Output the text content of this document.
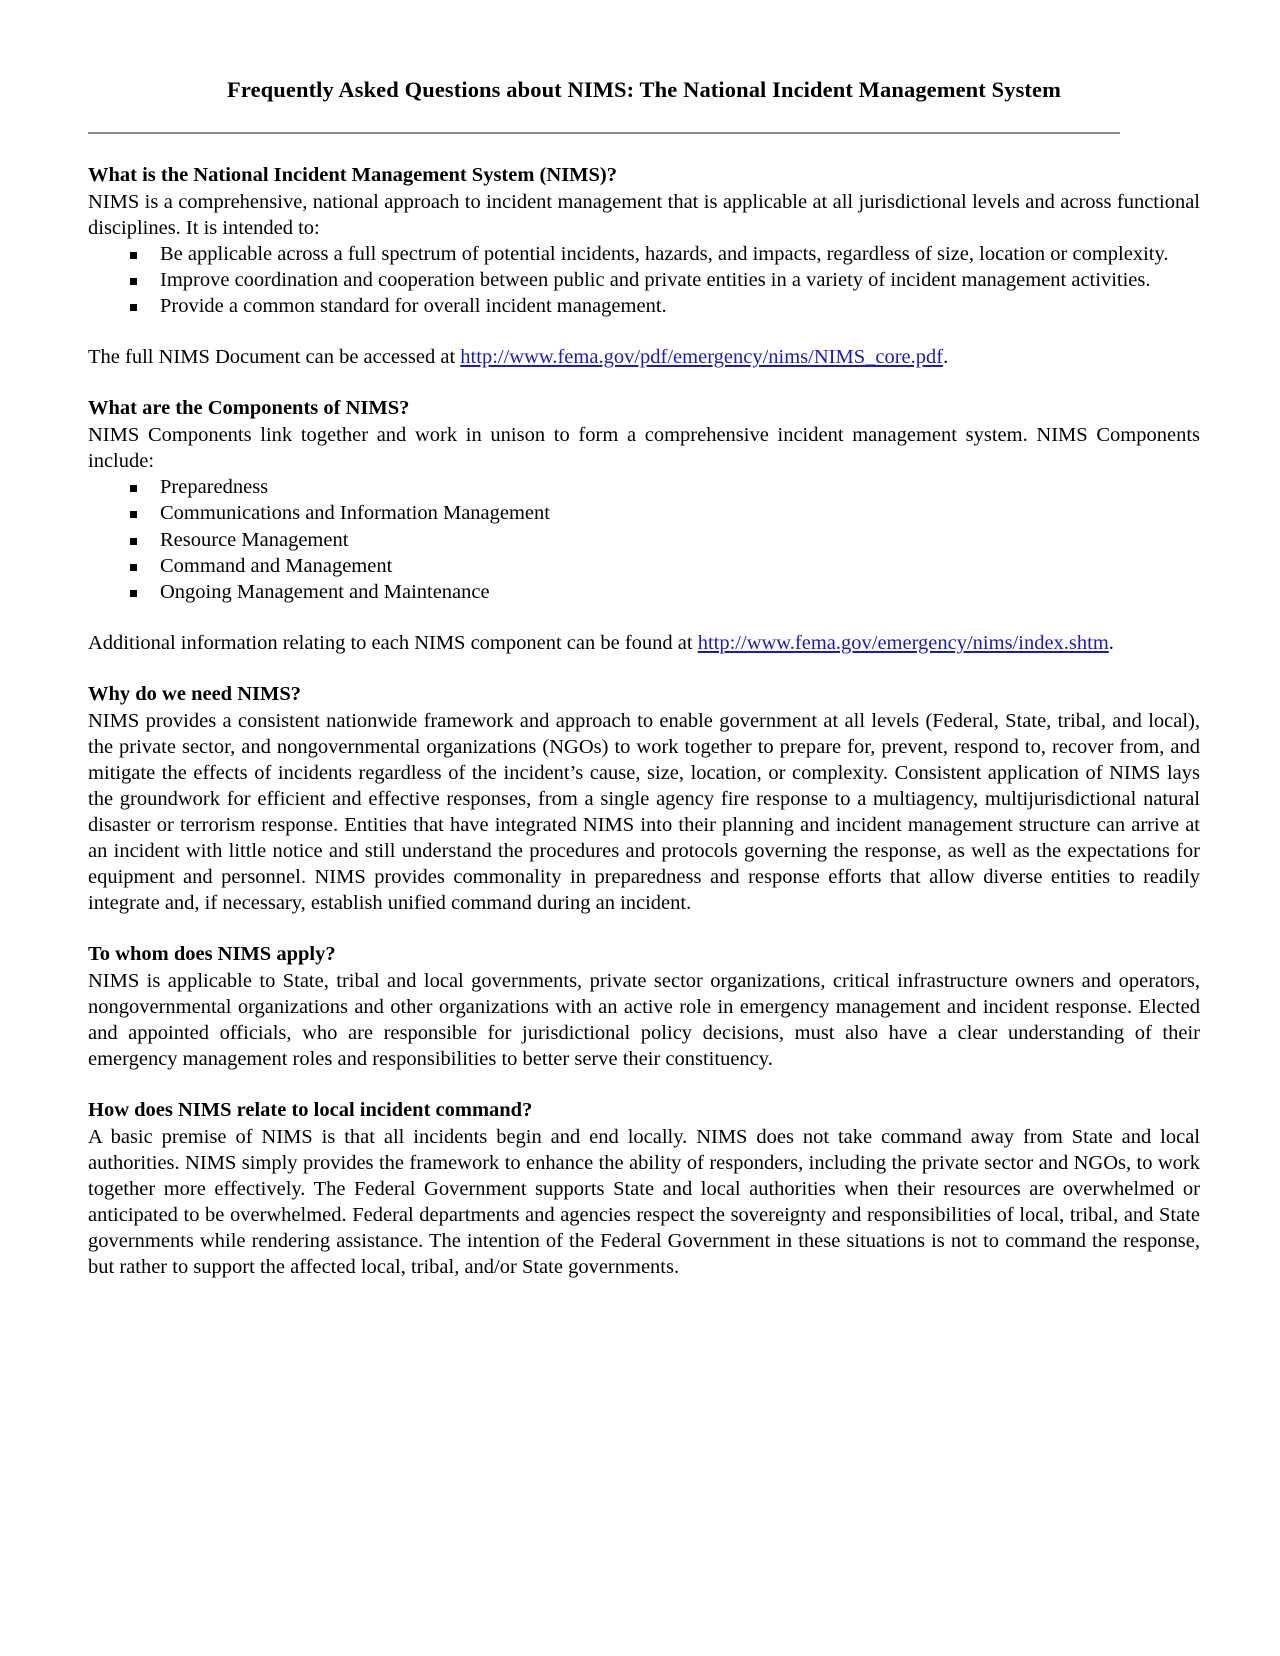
Frequently Asked Questions about NIMS: The National Incident Management System
What is the National Incident Management System (NIMS)?

NIMS is a comprehensive, national approach to incident management that is applicable at all jurisdictional levels and across functional disciplines. It is intended to:

Be applicable across a full spectrum of potential incidents, hazards, and impacts, regardless of size, location or complexity.
Improve coordination and cooperation between public and private entities in a variety of incident management activities.
Provide a common standard for overall incident management.

The full NIMS Document can be accessed at http://www.fema.gov/pdf/emergency/nims/NIMS_core.pdf.

What are the Components of NIMS?

NIMS Components link together and work in unison to form a comprehensive incident management system. NIMS Components include:

Preparedness
Communications and Information Management
Resource Management
Command and Management
Ongoing Management and Maintenance

Additional information relating to each NIMS component can be found at http://www.fema.gov/emergency/nims/index.shtm.

Why do we need NIMS?

NIMS provides a consistent nationwide framework and approach to enable government at all levels (Federal, State, tribal, and local), the private sector, and nongovernmental organizations (NGOs) to work together to prepare for, prevent, respond to, recover from, and mitigate the effects of incidents regardless of the incident’s cause, size, location, or complexity. Consistent application of NIMS lays the groundwork for efficient and effective responses, from a single agency fire response to a multiagency, multijurisdictional natural disaster or terrorism response. Entities that have integrated NIMS into their planning and incident management structure can arrive at an incident with little notice and still understand the procedures and protocols governing the response, as well as the expectations for equipment and personnel. NIMS provides commonality in preparedness and response efforts that allow diverse entities to readily integrate and, if necessary, establish unified command during an incident.

To whom does NIMS apply?

NIMS is applicable to State, tribal and local governments, private sector organizations, critical infrastructure owners and operators, nongovernmental organizations and other organizations with an active role in emergency management and incident response. Elected and appointed officials, who are responsible for jurisdictional policy decisions, must also have a clear understanding of their emergency management roles and responsibilities to better serve their constituency.

How does NIMS relate to local incident command?

A basic premise of NIMS is that all incidents begin and end locally. NIMS does not take command away from State and local authorities. NIMS simply provides the framework to enhance the ability of responders, including the private sector and NGOs, to work together more effectively. The Federal Government supports State and local authorities when their resources are overwhelmed or anticipated to be overwhelmed. Federal departments and agencies respect the sovereignty and responsibilities of local, tribal, and State governments while rendering assistance. The intention of the Federal Government in these situations is not to command the response, but rather to support the affected local, tribal, and/or State governments.
